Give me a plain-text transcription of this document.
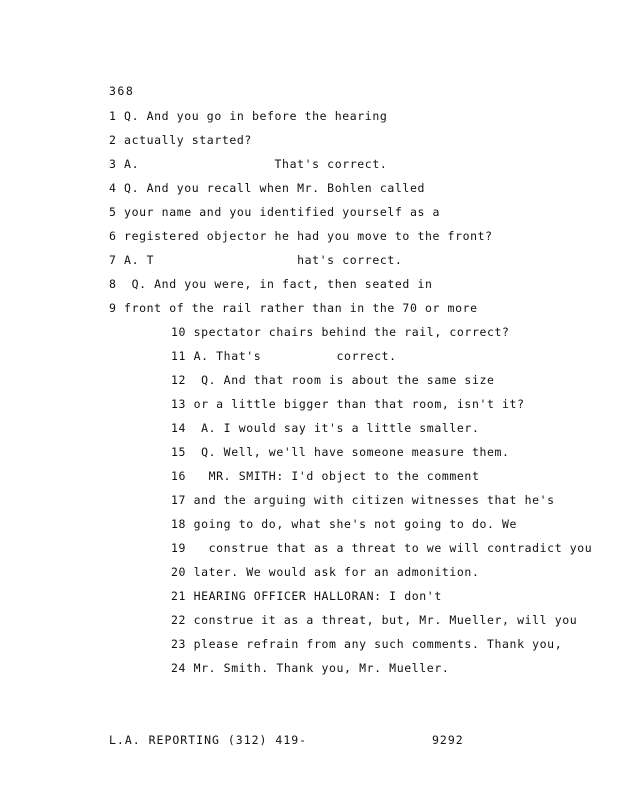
368
1 Q. And you go in before the hearing
2 actually started?
3 A.                  That's correct.
4 Q. And you recall when Mr. Bohlen called
5 your name and you identified yourself as a
6 registered objector he had you move to the front?
7 A. T                   hat's correct.
8  Q. And you were, in fact, then seated in
9 front of the rail rather than in the 70 or more
10 spectator chairs behind the rail, correct?
11 A. That's          correct.
12  Q. And that room is about the same size
13 or a little bigger than that room, isn't it?
14  A. I would say it's a little smaller.
15  Q. Well, we'll have someone measure them.
16   MR. SMITH: I'd object to the comment
17 and the arguing with citizen witnesses that he's
18 going to do, what she's not going to do. We
19   construe that as a threat to we will contradict you
20 later. We would ask for an admonition.
21 HEARING OFFICER HALLORAN: I don't
22 construe it as a threat, but, Mr. Mueller, will you
23 please refrain from any such comments. Thank you,
24 Mr. Smith. Thank you, Mr. Mueller.
L.A. REPORTING (312) 419-	9292
